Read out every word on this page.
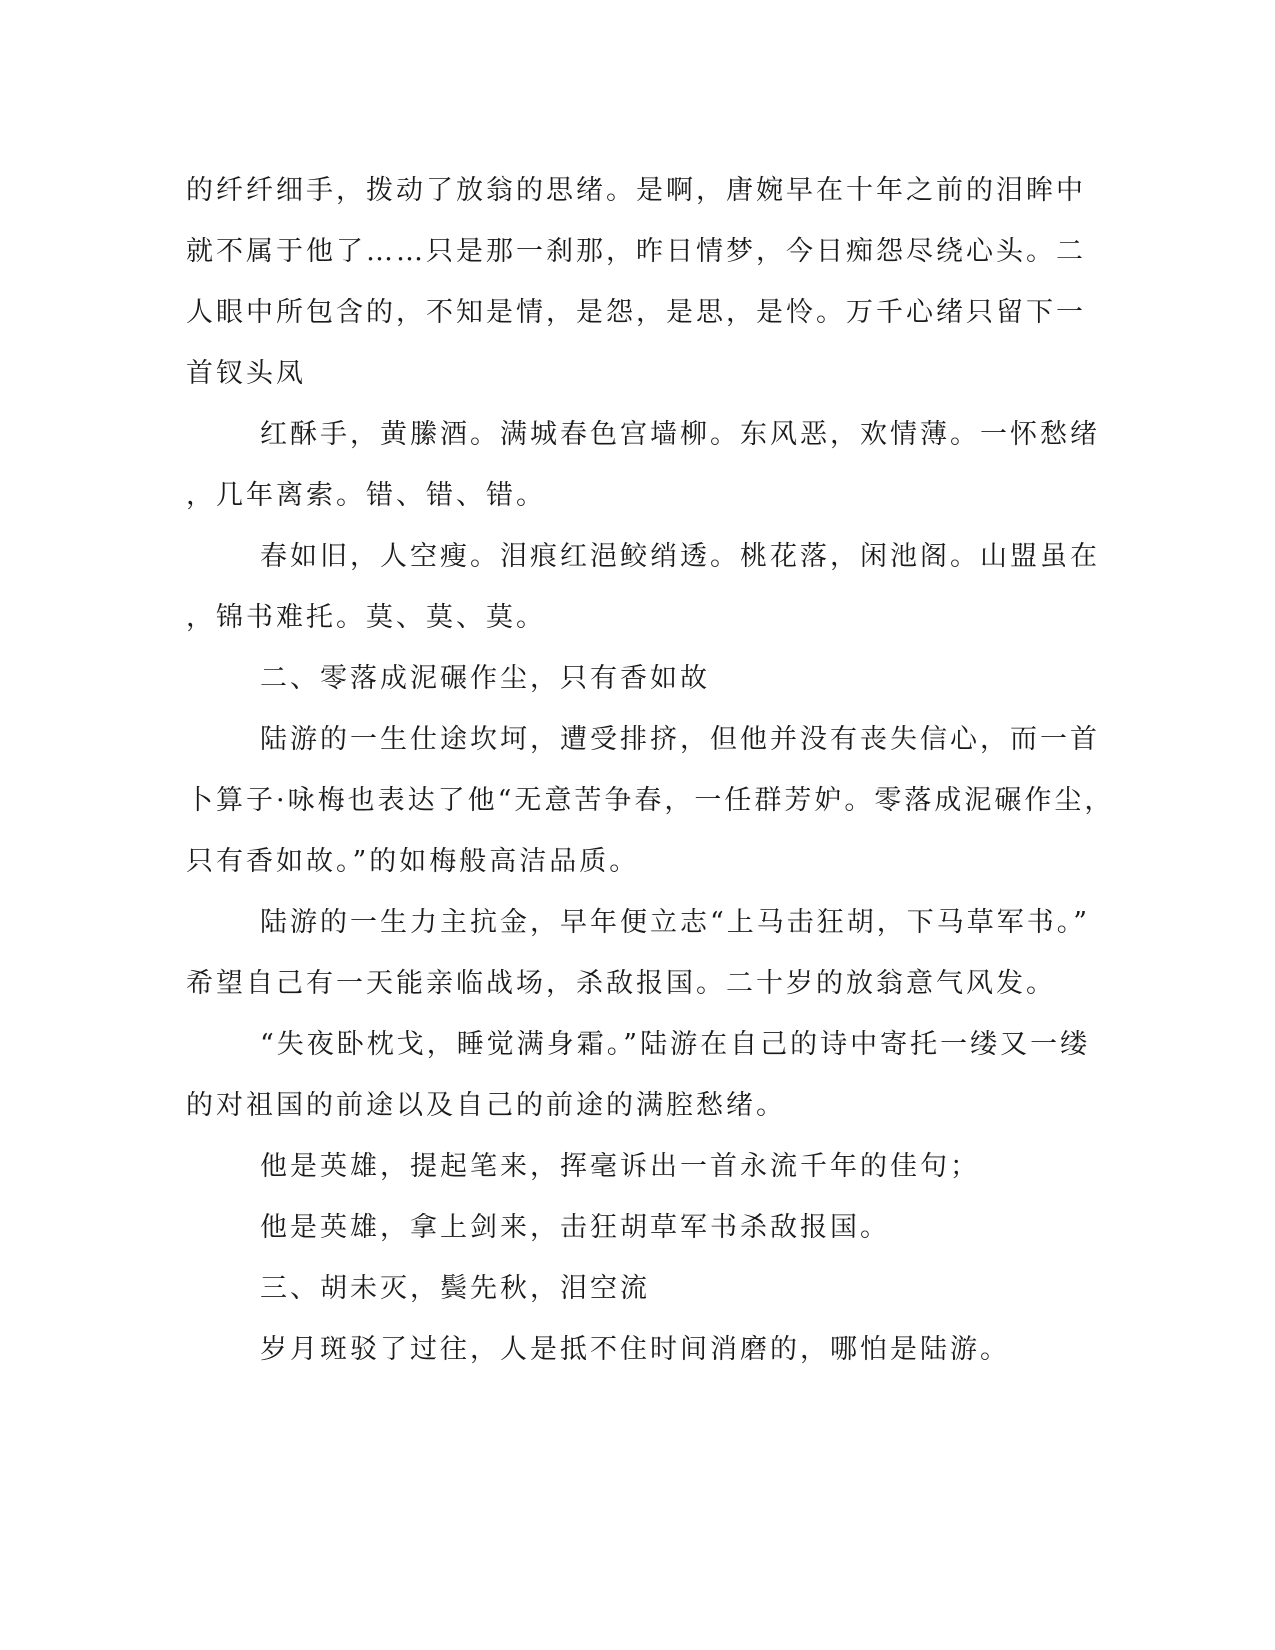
的纤纤细手，拨动了放翁的思绪。是啊，唐婉早在十年之前的泪眸中
就不属于他了……只是那一刹那，昨日情梦，今日痴怨尽绕心头。二
人眼中所包含的，不知是情，是怨，是思，是怜。万千心绪只留下一
首钗头凤
红酥手，黄縢酒。满城春色宫墙柳。东风恶，欢情薄。一怀愁绪
，几年离索。错、错、错。
春如旧，人空瘦。泪痕红浥鲛绡透。桃花落，闲池阁。山盟虽在
，锦书难托。莫、莫、莫。
二、零落成泥碾作尘，只有香如故
陆游的一生仕途坎坷，遭受排挤，但他并没有丧失信心，而一首
卜算子·咏梅也表达了他“无意苦争春，一任群芳妒。零落成泥碾作尘，
只有香如故。”的如梅般高洁品质。
陆游的一生力主抗金，早年便立志“上马击狂胡，下马草军书。”
希望自己有一天能亲临战场，杀敌报国。二十岁的放翁意气风发。
“失夜卧枕戈，睡觉满身霜。”陆游在自己的诗中寄托一缕又一缕
的对祖国的前途以及自己的前途的满腔愁绪。
他是英雄，提起笔来，挥毫诉出一首永流千年的佳句；
他是英雄，拿上剑来，击狂胡草军书杀敌报国。
三、胡未灭，鬓先秋，泪空流
岁月斑驳了过往，人是抵不住时间消磨的，哪怕是陆游。
